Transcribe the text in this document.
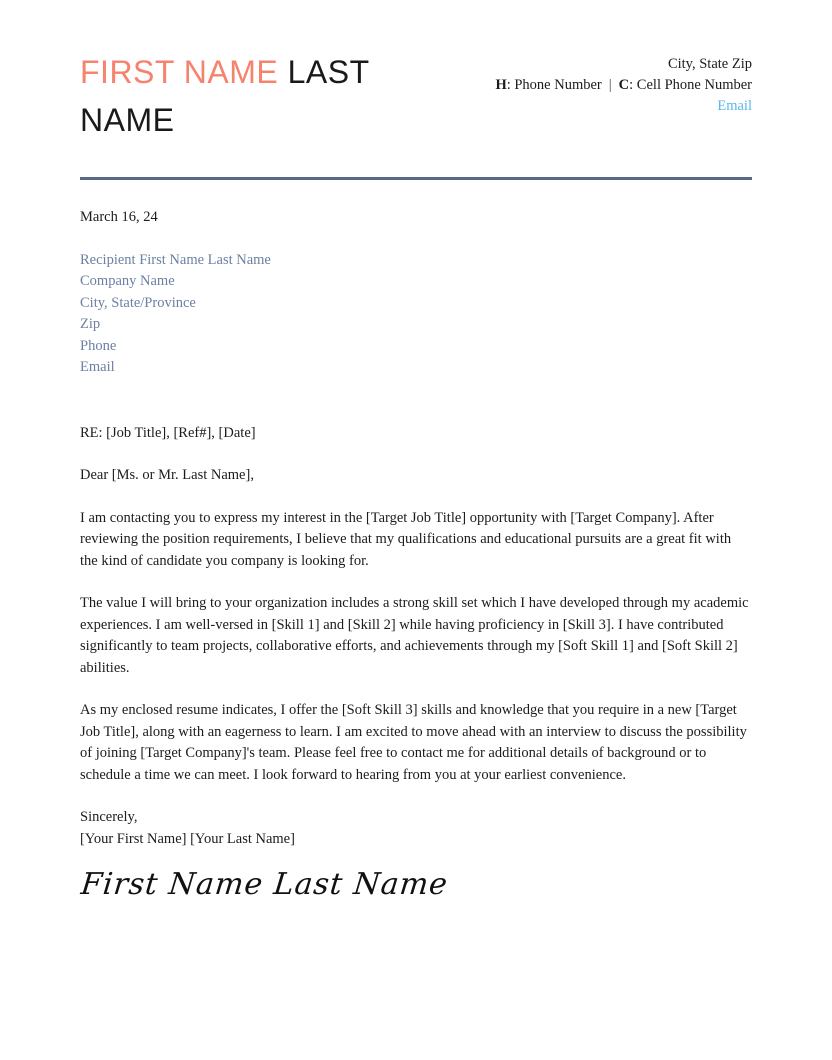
FIRST NAME LAST NAME
City, State Zip
H: Phone Number | C: Cell Phone Number
Email

March 16, 24

Recipient First Name Last Name
Company Name
City, State/Province
Zip
Phone
Email

RE: [Job Title], [Ref#], [Date]

Dear [Ms. or Mr. Last Name],

I am contacting you to express my interest in the [Target Job Title] opportunity with [Target Company]. After reviewing the position requirements, I believe that my qualifications and educational pursuits are a great fit with the kind of candidate you company is looking for.

The value I will bring to your organization includes a strong skill set which I have developed through my academic experiences. I am well-versed in [Skill 1] and [Skill 2] while having proficiency in [Skill 3]. I have contributed significantly to team projects, collaborative efforts, and achievements through my [Soft Skill 1] and [Soft Skill 2] abilities.

As my enclosed resume indicates, I offer the [Soft Skill 3] skills and knowledge that you require in a new [Target Job Title], along with an eagerness to learn. I am excited to move ahead with an interview to discuss the possibility of joining [Target Company]'s team. Please feel free to contact me for additional details of background or to schedule a time we can meet. I look forward to hearing from you at your earliest convenience.

Sincerely,

[Your First Name] [Your Last Name]

First Name Last Name
